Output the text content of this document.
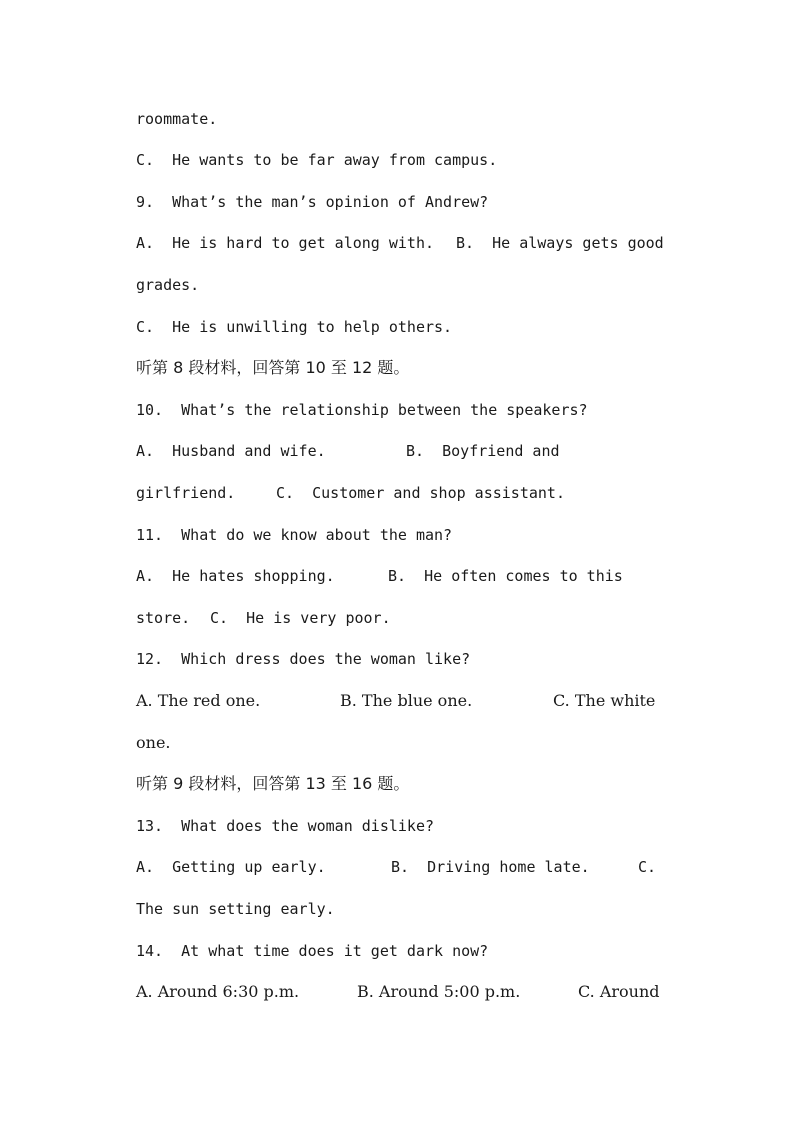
roommate.

C.  He wants to be far away from campus.

9.  What’s the man’s opinion of Andrew?

A.  He is hard to get along with.

B.  He always gets good

grades.

C.  He is unwilling to help others.

听第 8 段材料，回答第 10 至 12 题。

10.  What’s the relationship between the speakers?

A.  Husband and wife.

	B.  Boyfriend and

girlfriend.

	C.  Customer and shop assistant.

11.  What do we know about the man?

A.  He hates shopping.

	B.  He often comes to this

store.

C.  He is very poor.

12.  Which dress does the woman like?

A. The red one.

	B. The blue one.

	C. The white

one.

听第 9 段材料，回答第 13 至 16 题。

13.  What does the woman dislike?

A.  Getting up early.

	B.  Driving home late.

	C.

The sun setting early.

14.  At what time does it get dark now?

A. Around 6:30 p.m.

	B. Around 5:00 p.m.

	C. Around
